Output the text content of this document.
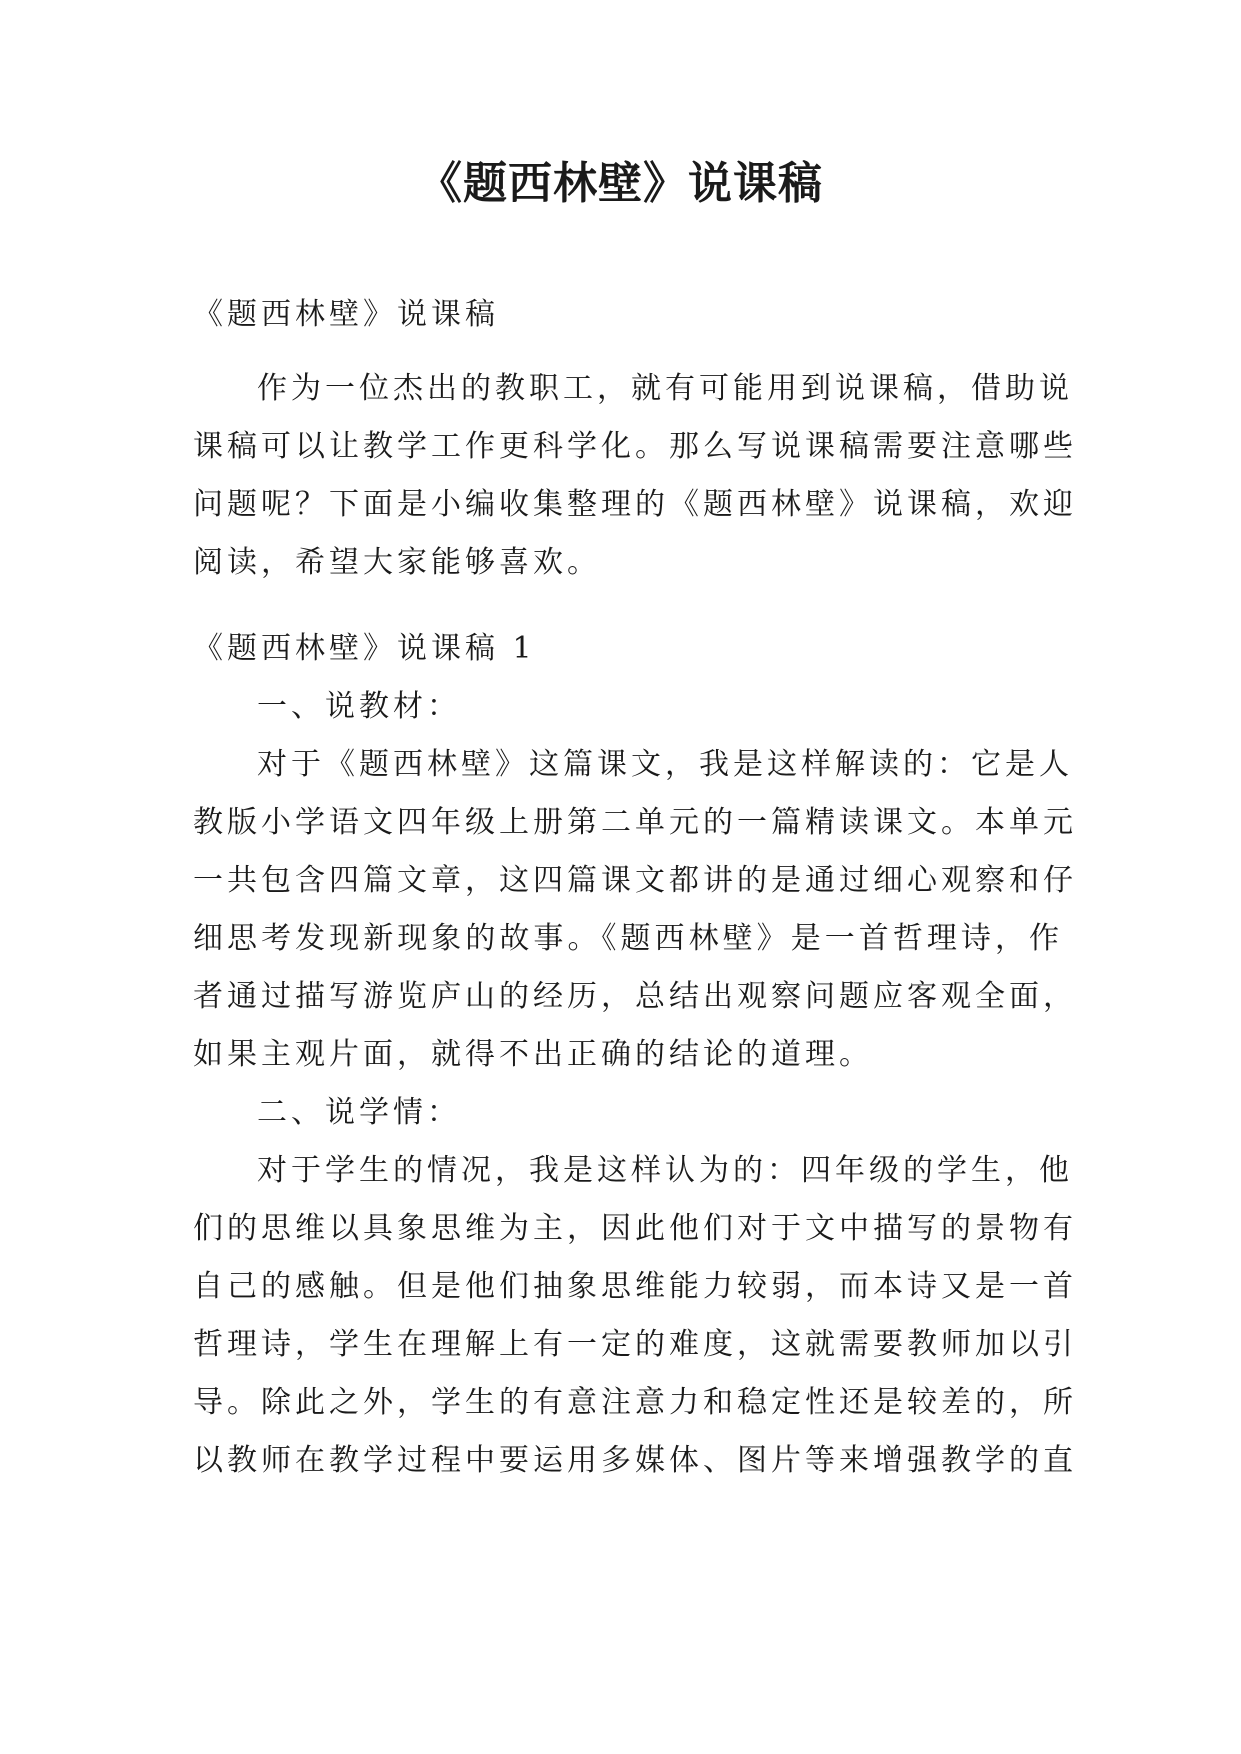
《题西林壁》说课稿
《题西林壁》说课稿
作为一位杰出的教职工，就有可能用到说课稿，借助说
课稿可以让教学工作更科学化。那么写说课稿需要注意哪些
问题呢？下面是小编收集整理的《题西林壁》说课稿，欢迎
阅读，希望大家能够喜欢。
《题西林壁》说课稿 1
一、说教材：
对于《题西林壁》这篇课文，我是这样解读的：它是人
教版小学语文四年级上册第二单元的一篇精读课文。本单元
一共包含四篇文章，这四篇课文都讲的是通过细心观察和仔
细思考发现新现象的故事。《题西林壁》是一首哲理诗，作
者通过描写游览庐山的经历，总结出观察问题应客观全面，
如果主观片面，就得不出正确的结论的道理。
二、说学情：
对于学生的情况，我是这样认为的：四年级的学生，他
们的思维以具象思维为主，因此他们对于文中描写的景物有
自己的感触。但是他们抽象思维能力较弱，而本诗又是一首
哲理诗，学生在理解上有一定的难度，这就需要教师加以引
导。除此之外，学生的有意注意力和稳定性还是较差的，所
以教师在教学过程中要运用多媒体、图片等来增强教学的直
